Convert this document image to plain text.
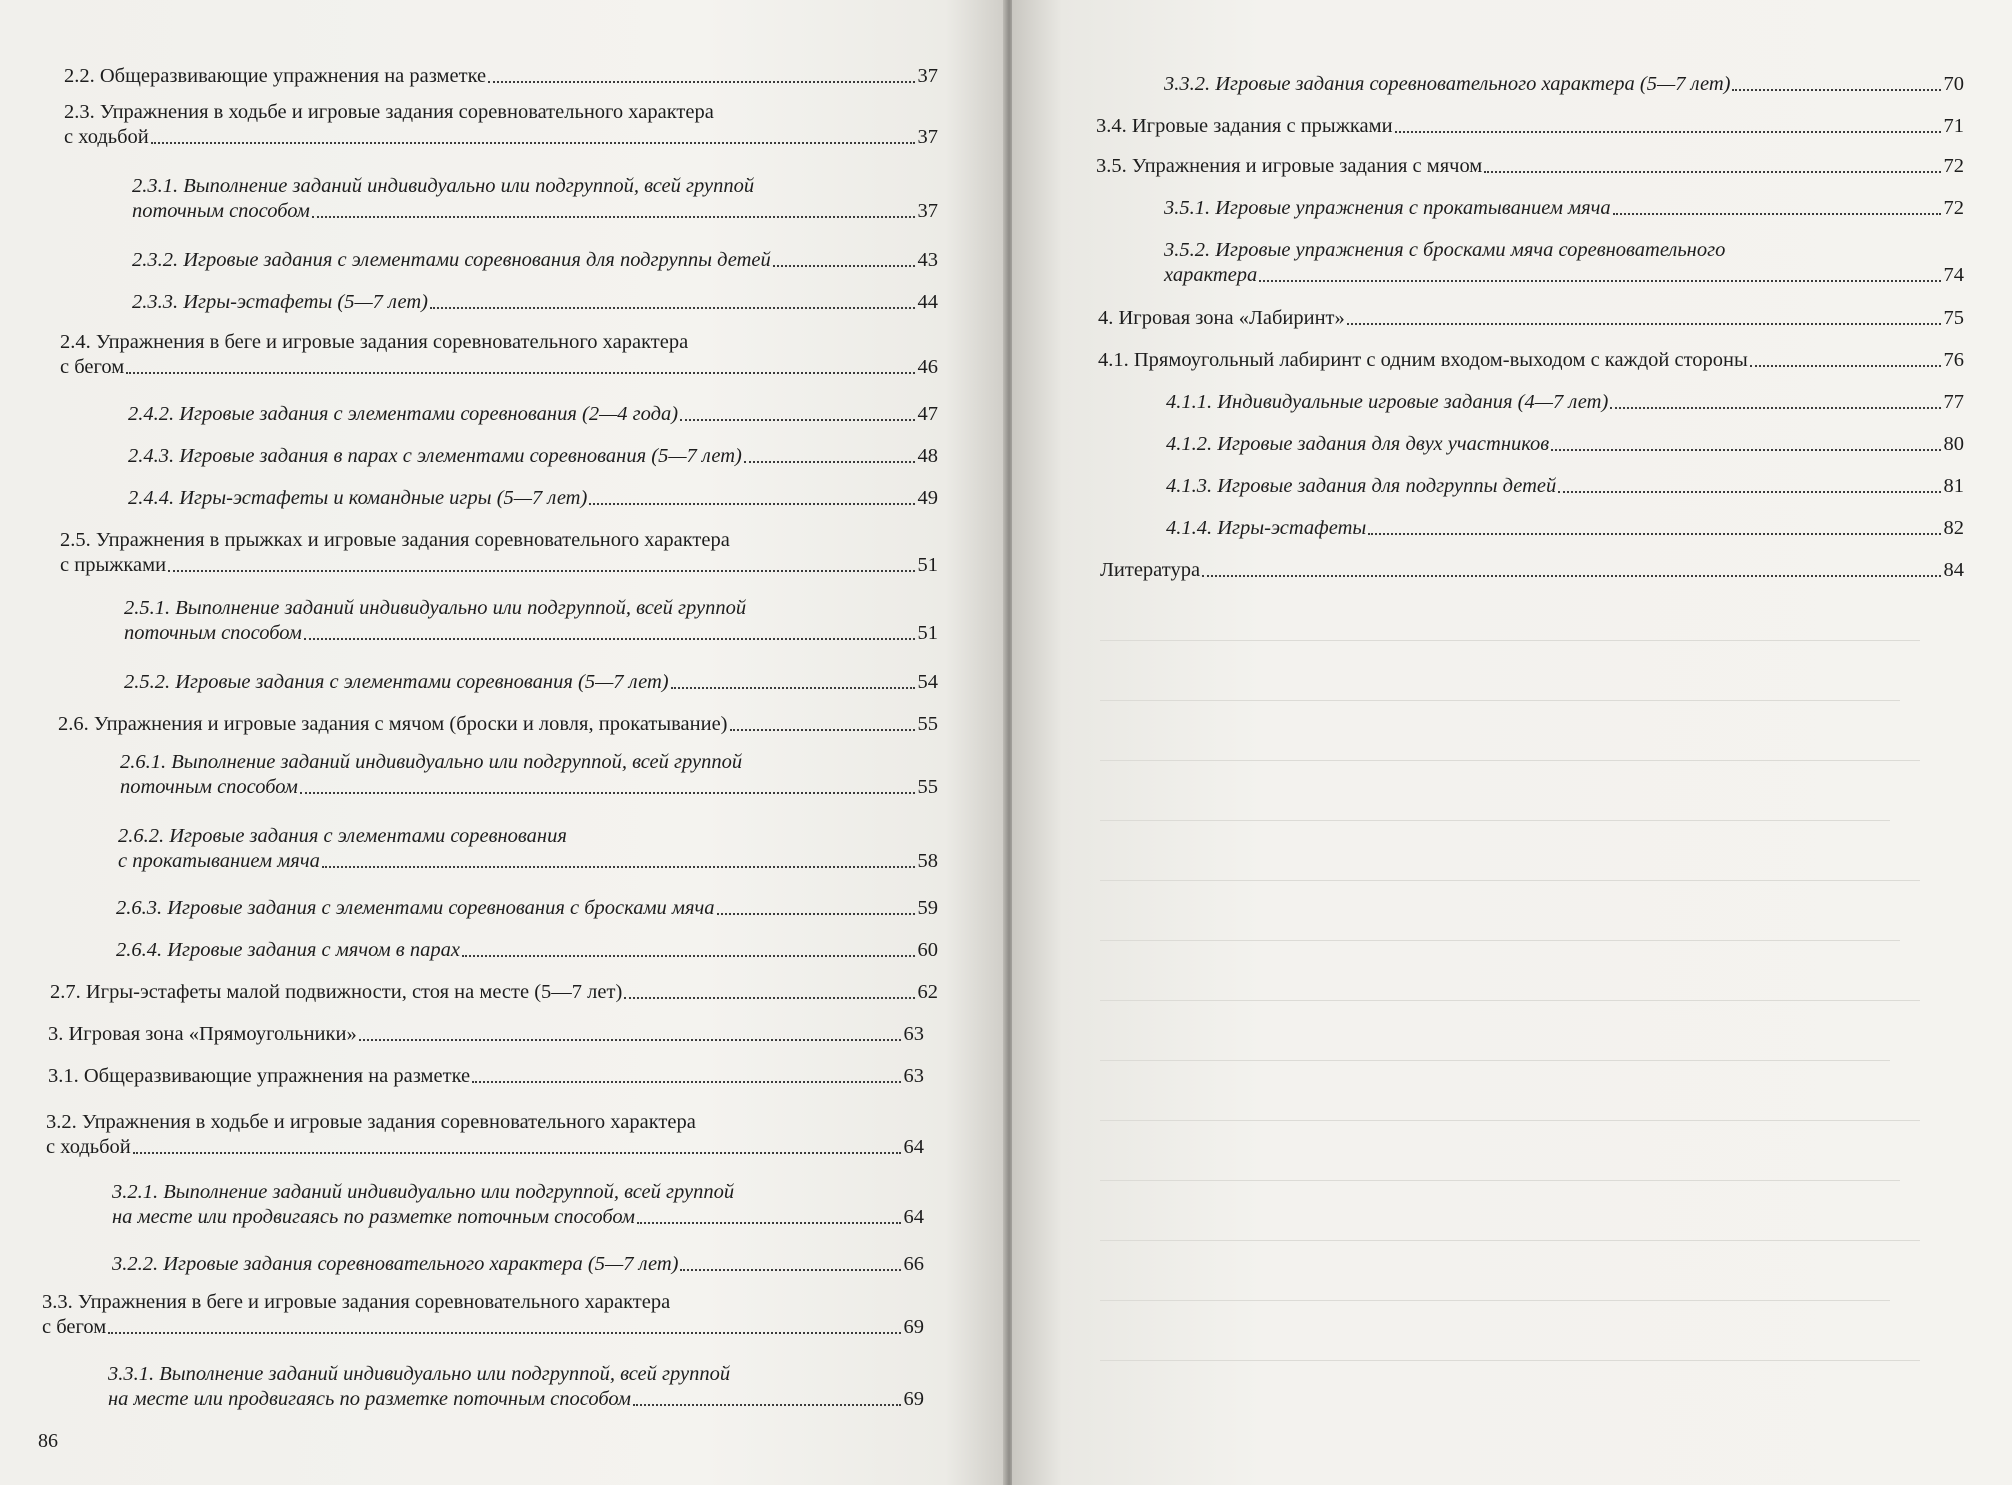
2.2. Общеразвивающие упражнения на разметке	37
2.3. Упражнения в ходьбе и игровые задания соревновательного характера
с ходьбой	37
2.3.1. Выполнение заданий индивидуально или подгруппой, всей группой
поточным способом	37
2.3.2. Игровые задания с элементами соревнования для подгруппы детей	43
2.3.3. Игры-эстафеты (5—7 лет)	44
2.4. Упражнения в беге и игровые задания соревновательного характера
с бегом	46
2.4.2. Игровые задания с элементами соревнования (2—4 года)	47
2.4.3. Игровые задания в парах с элементами соревнования (5—7 лет)	48
2.4.4. Игры-эстафеты и командные игры (5—7 лет)	49
2.5. Упражнения в прыжках и игровые задания соревновательного характера
с прыжками	51
2.5.1. Выполнение заданий индивидуально или подгруппой, всей группой
поточным способом	51
2.5.2. Игровые задания с элементами соревнования (5—7 лет)	54
2.6. Упражнения и игровые задания с мячом (броски и ловля, прокатывание)	55
2.6.1. Выполнение заданий индивидуально или подгруппой, всей группой
поточным способом	55
2.6.2. Игровые задания с элементами соревнования
с прокатыванием мяча	58
2.6.3. Игровые задания с элементами соревнования с бросками мяча	59
2.6.4. Игровые задания с мячом в парах	60
2.7. Игры-эстафеты малой подвижности, стоя на месте (5—7 лет)	62
3. Игровая зона «Прямоугольники»	63
3.1. Общеразвивающие упражнения на разметке	63
3.2. Упражнения в ходьбе и игровые задания соревновательного характера
с ходьбой	64
3.2.1. Выполнение заданий индивидуально или подгруппой, всей группой
на месте или продвигаясь по разметке поточным способом	64
3.2.2. Игровые задания соревновательного характера (5—7 лет)	66
3.3. Упражнения в беге и игровые задания соревновательного характера
с бегом	69
3.3.1. Выполнение заданий индивидуально или подгруппой, всей группой
на месте или продвигаясь по разметке поточным способом	69
86
3.3.2. Игровые задания соревновательного характера (5—7 лет)	70
3.4. Игровые задания с прыжками	71
3.5. Упражнения и игровые задания с мячом	72
3.5.1. Игровые упражнения с прокатыванием мяча	72
3.5.2. Игровые упражнения с бросками мяча соревновательного
характера	74
4. Игровая зона «Лабиринт»	75
4.1. Прямоугольный лабиринт с одним входом-выходом с каждой стороны	76
4.1.1. Индивидуальные игровые задания (4—7 лет)	77
4.1.2. Игровые задания для двух участников	80
4.1.3. Игровые задания для подгруппы детей	81
4.1.4. Игры-эстафеты	82
Литература	84
